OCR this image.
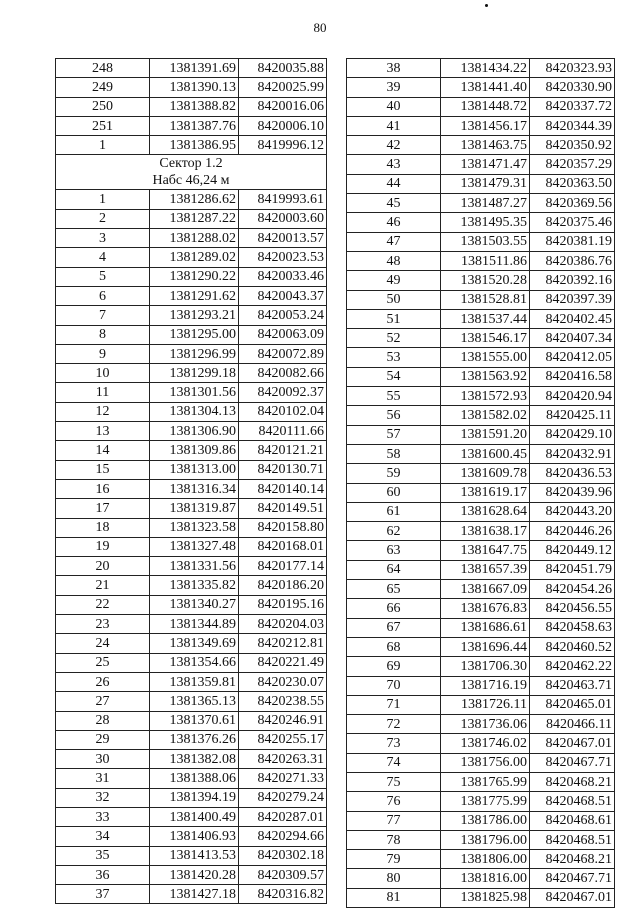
80
248	1381391.69	8420035.88
249	1381390.13	8420025.99
250	1381388.82	8420016.06
251	1381387.76	8420006.10
1	1381386.95	8419996.12

Сектор 1.2
Набс 46,24 м		

1	1381286.62	8419993.61
2	1381287.22	8420003.60
3	1381288.02	8420013.57
4	1381289.02	8420023.53
5	1381290.22	8420033.46
6	1381291.62	8420043.37
7	1381293.21	8420053.24
8	1381295.00	8420063.09
9	1381296.99	8420072.89
10	1381299.18	8420082.66
11	1381301.56	8420092.37
12	1381304.13	8420102.04
13	1381306.90	8420111.66
14	1381309.86	8420121.21
15	1381313.00	8420130.71
16	1381316.34	8420140.14
17	1381319.87	8420149.51
18	1381323.58	8420158.80
19	1381327.48	8420168.01
20	1381331.56	8420177.14
21	1381335.82	8420186.20
22	1381340.27	8420195.16
23	1381344.89	8420204.03
24	1381349.69	8420212.81
25	1381354.66	8420221.49
26	1381359.81	8420230.07
27	1381365.13	8420238.55
28	1381370.61	8420246.91
29	1381376.26	8420255.17
30	1381382.08	8420263.31
31	1381388.06	8420271.33
32	1381394.19	8420279.24
33	1381400.49	8420287.01
34	1381406.93	8420294.66
35	1381413.53	8420302.18
36	1381420.28	8420309.57
37	1381427.18	8420316.82
38	1381434.22	8420323.93
39	1381441.40	8420330.90
40	1381448.72	8420337.72
41	1381456.17	8420344.39
42	1381463.75	8420350.92
43	1381471.47	8420357.29
44	1381479.31	8420363.50
45	1381487.27	8420369.56
46	1381495.35	8420375.46
47	1381503.55	8420381.19
48	1381511.86	8420386.76
49	1381520.28	8420392.16
50	1381528.81	8420397.39
51	1381537.44	8420402.45
52	1381546.17	8420407.34
53	1381555.00	8420412.05
54	1381563.92	8420416.58
55	1381572.93	8420420.94
56	1381582.02	8420425.11
57	1381591.20	8420429.10
58	1381600.45	8420432.91
59	1381609.78	8420436.53
60	1381619.17	8420439.96
61	1381628.64	8420443.20
62	1381638.17	8420446.26
63	1381647.75	8420449.12
64	1381657.39	8420451.79
65	1381667.09	8420454.26
66	1381676.83	8420456.55
67	1381686.61	8420458.63
68	1381696.44	8420460.52
69	1381706.30	8420462.22
70	1381716.19	8420463.71
71	1381726.11	8420465.01
72	1381736.06	8420466.11
73	1381746.02	8420467.01
74	1381756.00	8420467.71
75	1381765.99	8420468.21
76	1381775.99	8420468.51
77	1381786.00	8420468.61
78	1381796.00	8420468.51
79	1381806.00	8420468.21
80	1381816.00	8420467.71
81	1381825.98	8420467.01
